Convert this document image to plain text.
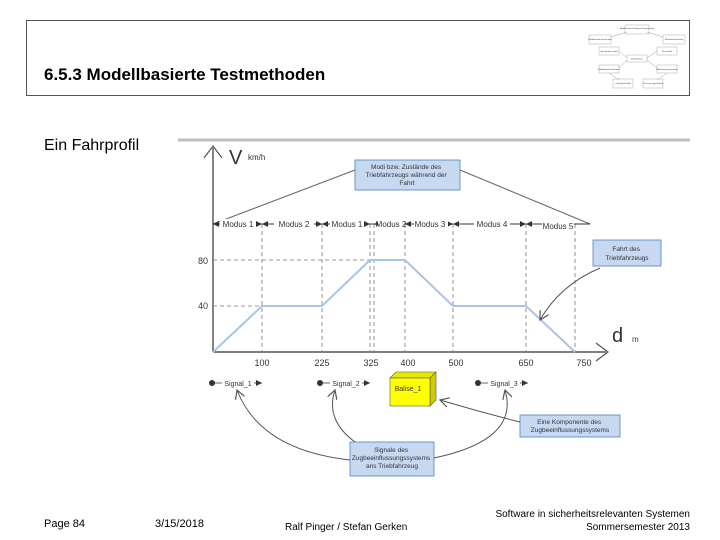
6.5.3 Modellbasierte Testmethoden
Model-based Software Engineering
Model-based specification	Model-based testing
Specification model	Test models
Interpretation
Model-based verification	Model-based generation
Code (generated)	Test cases (generated)
Ein Fahrprofil
V km/h
d m
80
40
100	225	325 400	500	650	750
Modus 1	Modus 2	Modus 1 Modus 2 Modus 3	Modus 4	Modus 5
Modi bzw. Zustände des Triebfahrzeugs während der Fahrt
Fahrt des Triebfahrzeugs
Signal_1	Signal_2	Signal_3
Balise_1
Eine Komponente des Zugbeeinflussungssystems
Signale des Zugbeeinflussungssystems ans Triebfahrzeug
Page 84	3/15/2018	Ralf Pinger / Stefan Gerken
Software in sicherheitsrelevanten Systemen
Sommersemester 2013
